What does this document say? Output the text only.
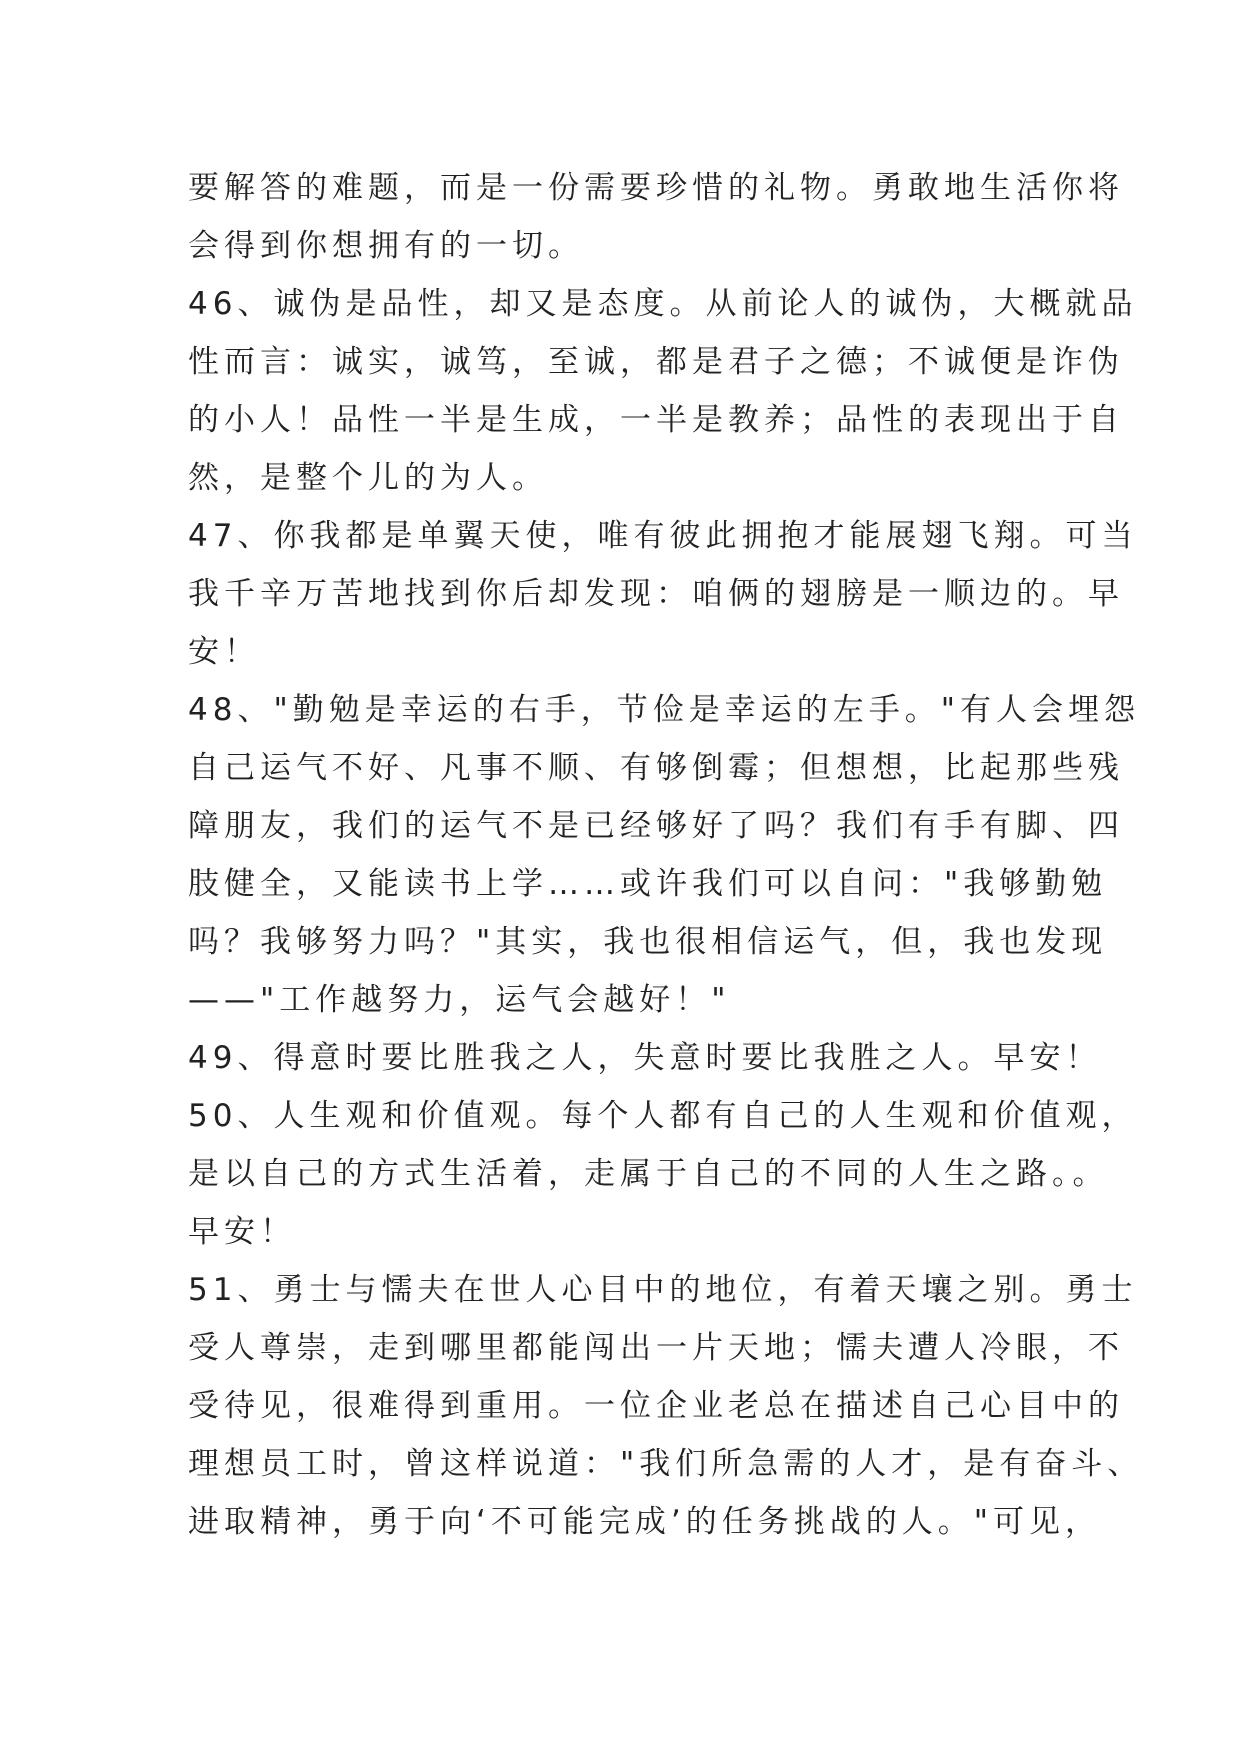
要解答的难题，而是一份需要珍惜的礼物。勇敢地生活你将
会得到你想拥有的一切。
46、诚伪是品性，却又是态度。从前论人的诚伪，大概就品
性而言：诚实，诚笃，至诚，都是君子之德；不诚便是诈伪
的小人！品性一半是生成，一半是教养；品性的表现出于自
然，是整个儿的为人。
47、你我都是单翼天使，唯有彼此拥抱才能展翅飞翔。可当
我千辛万苦地找到你后却发现：咱俩的翅膀是一顺边的。早
安！
48、"勤勉是幸运的右手，节俭是幸运的左手。"有人会埋怨
自己运气不好、凡事不顺、有够倒霉；但想想，比起那些残
障朋友，我们的运气不是已经够好了吗？我们有手有脚、四
肢健全，又能读书上学……或许我们可以自问："我够勤勉
吗？我够努力吗？"其实，我也很相信运气，但，我也发现
——"工作越努力，运气会越好！"
49、得意时要比胜我之人，失意时要比我胜之人。早安！
50、人生观和价值观。每个人都有自己的人生观和价值观，
是以自己的方式生活着，走属于自己的不同的人生之路。。
早安！
51、勇士与懦夫在世人心目中的地位，有着天壤之别。勇士
受人尊崇，走到哪里都能闯出一片天地；懦夫遭人冷眼，不
受待见，很难得到重用。一位企业老总在描述自己心目中的
理想员工时，曾这样说道："我们所急需的人才，是有奋斗、
进取精神，勇于向‘不可能完成’的任务挑战的人。"可见，
